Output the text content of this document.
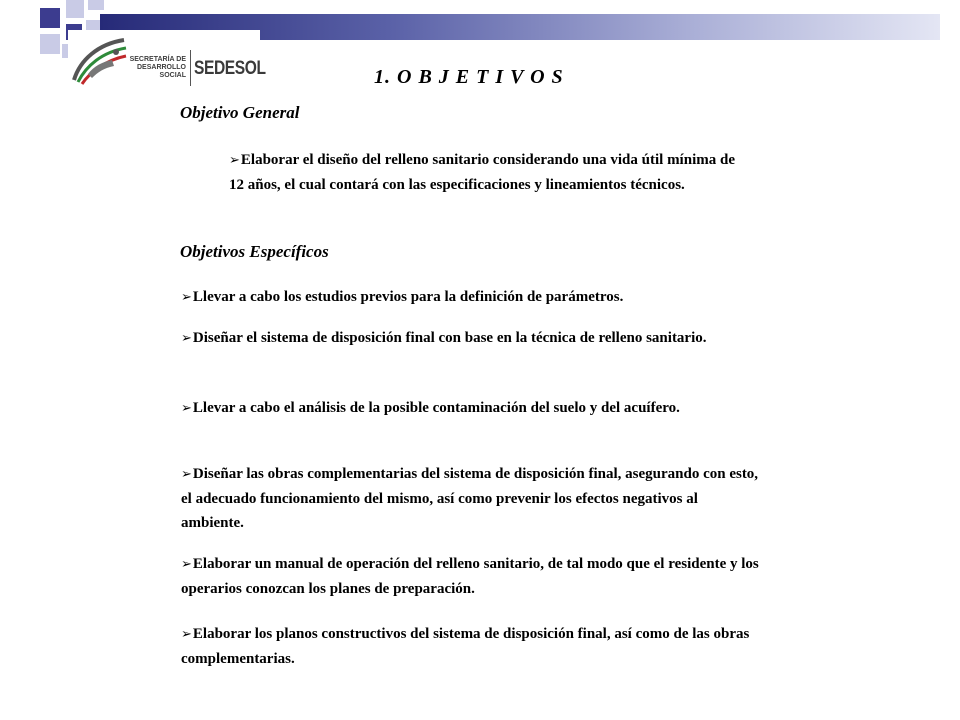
SECRETARÍA DE DESARROLLO SOCIAL SEDESOL	1. O B J E T I V O S
Objetivo General
➢Elaborar el diseño del relleno sanitario considerando una vida útil mínima de 12 años, el cual contará con las especificaciones y lineamientos técnicos.
Objetivos Específicos
➢Llevar a cabo los estudios previos para la definición de parámetros.
➢Diseñar el sistema de disposición final con base en la técnica de relleno sanitario.
➢Llevar a cabo el análisis de la posible contaminación del suelo y del acuífero.
➢Diseñar las obras complementarias del sistema de disposición final, asegurando con esto, el adecuado funcionamiento del mismo, así como prevenir los efectos negativos al ambiente.
➢Elaborar un manual de operación del relleno sanitario, de tal modo que el residente y los operarios conozcan los planes de preparación.
➢Elaborar los planos constructivos del sistema de disposición final, así como de las obras complementarias.
